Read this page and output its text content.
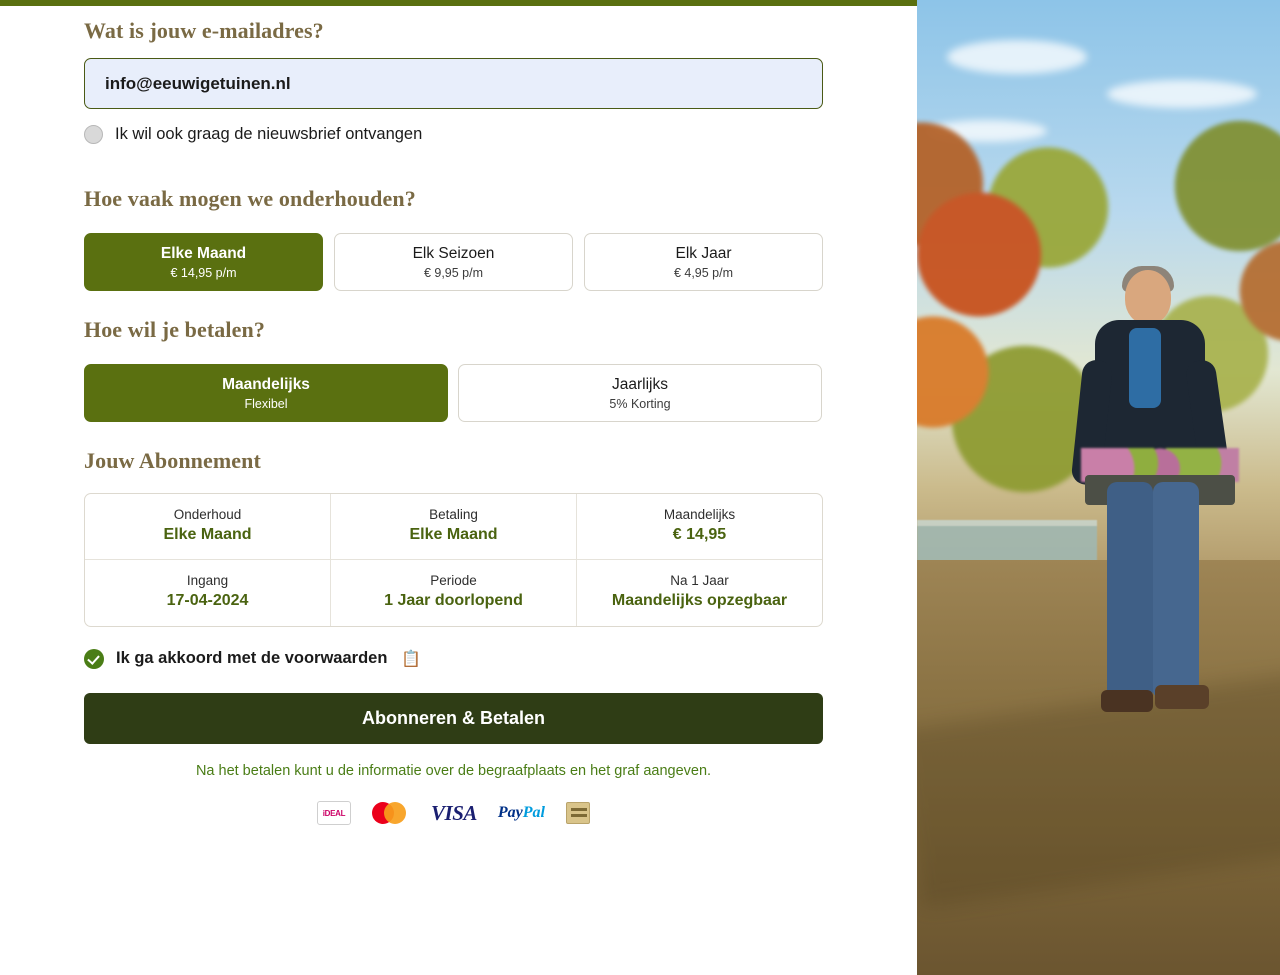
Wat is jouw e-mailadres?
info@eeuwigetuinen.nl
Ik wil ook graag de nieuwsbrief ontvangen
Hoe vaak mogen we onderhouden?
Elke Maand
€ 14,95 p/m
Elk Seizoen
€ 9,95 p/m
Elk Jaar
€ 4,95 p/m
Hoe wil je betalen?
Maandelijks
Flexibel
Jaarlijks
5% Korting
Jouw Abonnement
Onderhoud
Elke Maand
Betaling
Elke Maand
Maandelijks
€ 14,95
Ingang
17-04-2024
Periode
1 Jaar doorlopend
Na 1 Jaar
Maandelijks opzegbaar
Ik ga akkoord met de voorwaarden 📋
Abonneren & Betalen
Na het betalen kunt u de informatie over de begraafplaats en het graf aangeven.
iDEAL	VISA PayPal
